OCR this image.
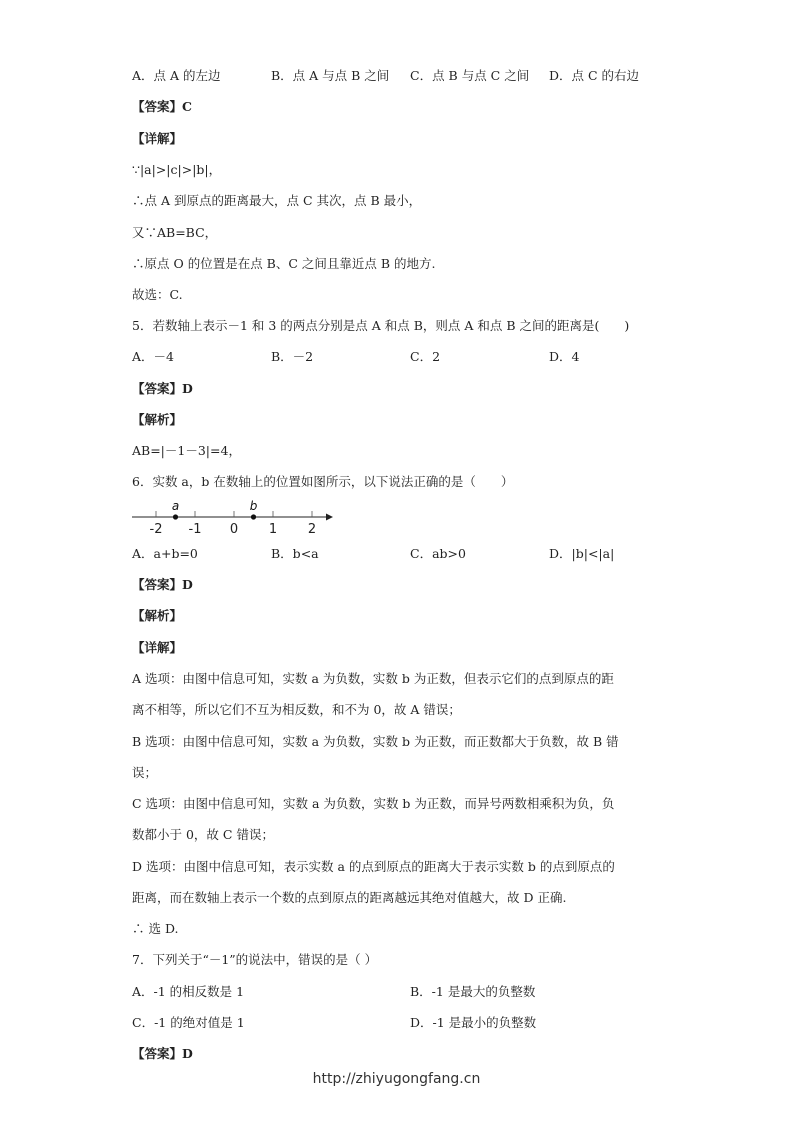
A．点 A 的左边	B．点 A 与点 B 之间 C．点 B 与点 C 之间 D．点 C 的右边
【答案】C
【详解】
∵|a|>|c|>|b|，
∴点 A 到原点的距离最大，点 C 其次，点 B 最小，
又∵AB=BC，
∴原点 O 的位置是在点 B、C 之间且靠近点 B 的地方.
故选：C.
5．若数轴上表示－1 和 3 的两点分别是点 A 和点 B，则点 A 和点 B 之间的距离是(　　)
A．－4	B．－2	C．2	D．4
【答案】D
【解析】
AB=|－1－3|=4，
6．实数 a，b 在数轴上的位置如图所示，以下说法正确的是（　　）
-2 -1 0 1 2
a	b
A．a+b=0	B．b<a	C．ab>0	D．|b|<|a|
【答案】D
【解析】
【详解】
A 选项：由图中信息可知，实数 a 为负数，实数 b 为正数，但表示它们的点到原点的距
离不相等，所以它们不互为相反数，和不为 0，故 A 错误；
B 选项：由图中信息可知，实数 a 为负数，实数 b 为正数，而正数都大于负数，故 B 错
误；
C 选项：由图中信息可知，实数 a 为负数，实数 b 为正数，而异号两数相乘积为负，负
数都小于 0，故 C 错误；
D 选项：由图中信息可知，表示实数 a 的点到原点的距离大于表示实数 b 的点到原点的
距离，而在数轴上表示一个数的点到原点的距离越远其绝对值越大，故 D 正确.
∴ 选 D.
7．下列关于“－1”的说法中，错误的是（ ）
A．-1 的相反数是 1	B．-1 是最大的负整数
C．-1 的绝对值是 1	D．-1 是最小的负整数
【答案】D
http://zhiyugongfang.cn
